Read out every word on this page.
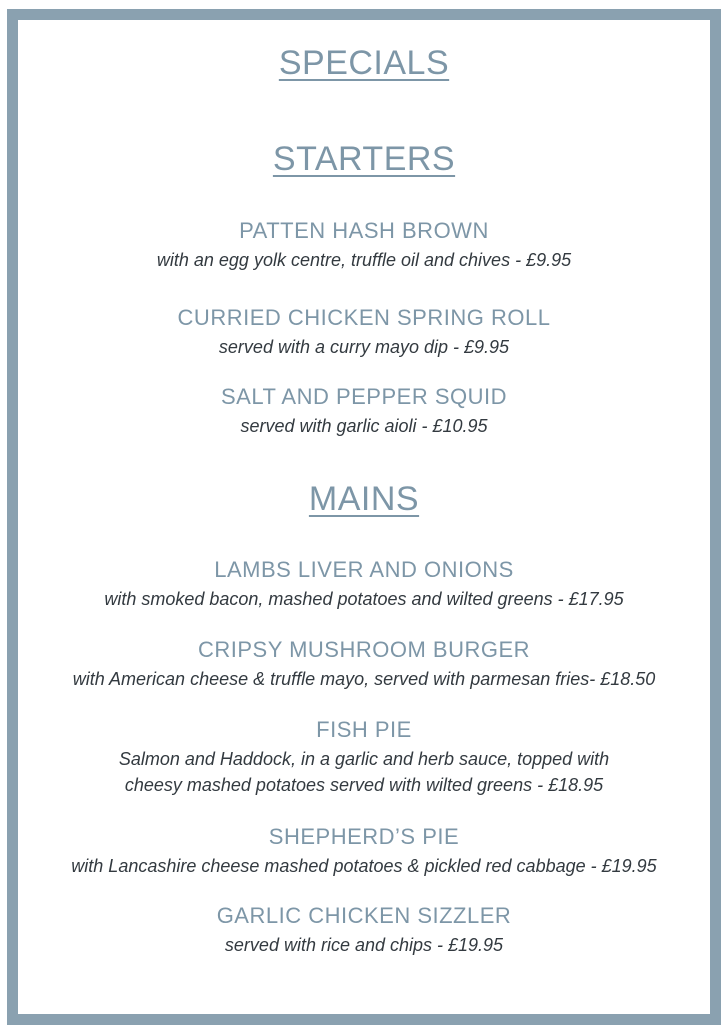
SPECIALS
STARTERS
PATTEN HASH BROWN
with an egg yolk centre, truffle oil and chives - £9.95
CURRIED CHICKEN SPRING ROLL
served with a curry mayo dip - £9.95
SALT AND PEPPER SQUID
served with garlic aioli - £10.95
MAINS
LAMBS LIVER AND ONIONS
with smoked bacon, mashed potatoes and wilted greens - £17.95
CRIPSY MUSHROOM BURGER
with American cheese & truffle mayo, served with parmesan fries- £18.50
FISH PIE
Salmon and Haddock, in a garlic and herb sauce, topped with
cheesy mashed potatoes served with wilted greens - £18.95
SHEPHERD’S PIE
with Lancashire cheese mashed potatoes & pickled red cabbage - £19.95
GARLIC CHICKEN SIZZLER
served with rice and chips - £19.95
